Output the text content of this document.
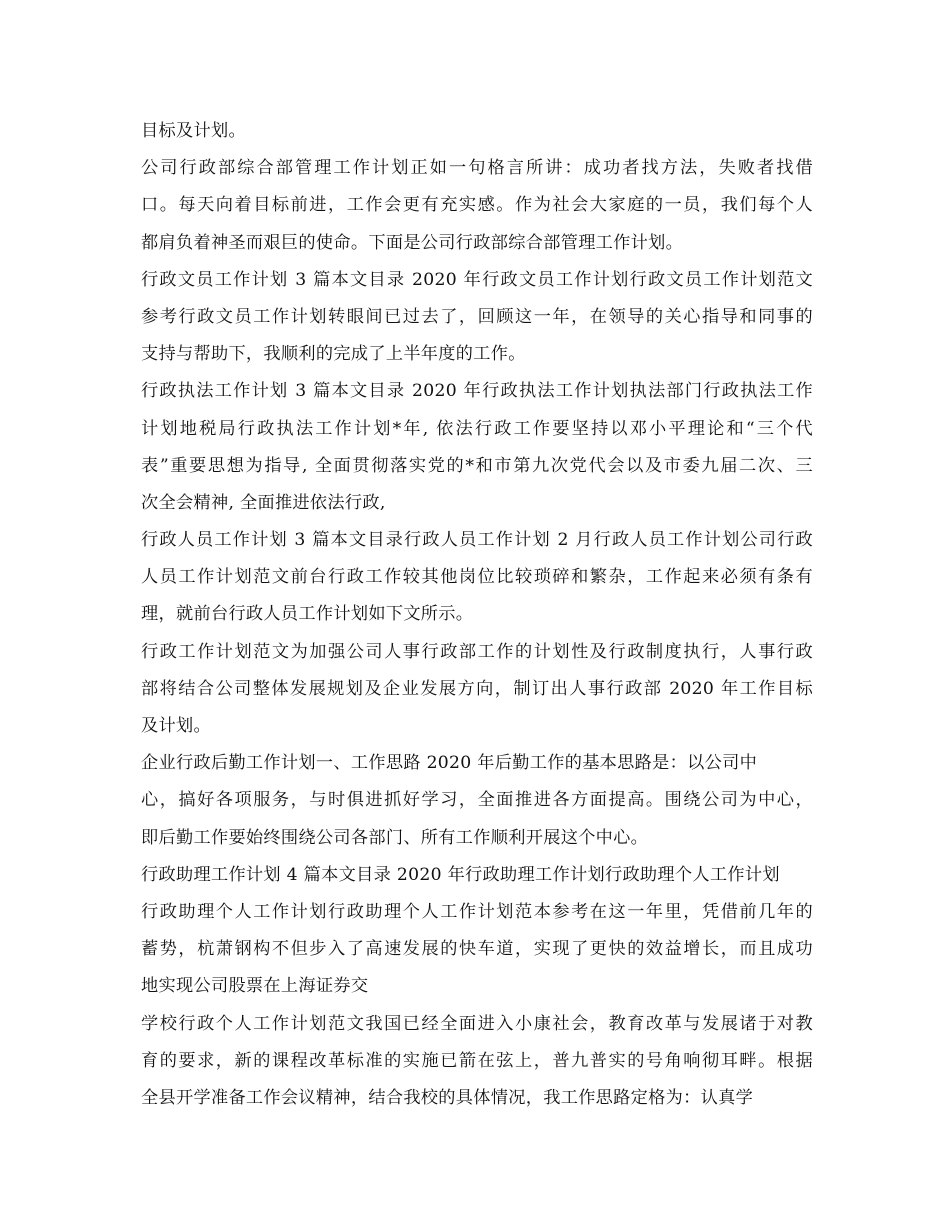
目标及计划。
公司行政部综合部管理工作计划正如一句格言所讲：成功者找方法，失败者找借
口。每天向着目标前进，工作会更有充实感。作为社会大家庭的一员，我们每个人
都肩负着神圣而艰巨的使命。下面是公司行政部综合部管理工作计划。
行政文员工作计划 3 篇本文目录 2020 年行政文员工作计划行政文员工作计划范文
参考行政文员工作计划转眼间已过去了，回顾这一年，在领导的关心指导和同事的
支持与帮助下，我顺利的完成了上半年度的工作。
行政执法工作计划 3 篇本文目录 2020 年行政执法工作计划执法部门行政执法工作
计划地税局行政执法工作计划*年, 依法行政工作要坚持以邓小平理论和“三个代
表”重要思想为指导, 全面贯彻落实党的*和市第九次党代会以及市委九届二次、三
次全会精神, 全面推进依法行政,
行政人员工作计划 3 篇本文目录行政人员工作计划 2 月行政人员工作计划公司行政
人员工作计划范文前台行政工作较其他岗位比较琐碎和繁杂，工作起来必须有条有
理，就前台行政人员工作计划如下文所示。
行政工作计划范文为加强公司人事行政部工作的计划性及行政制度执行，人事行政
部将结合公司整体发展规划及企业发展方向，制订出人事行政部 2020 年工作目标
及计划。
企业行政后勤工作计划一、工作思路 2020 年后勤工作的基本思路是：以公司中
心，搞好各项服务，与时俱进抓好学习，全面推进各方面提高。围绕公司为中心，
即后勤工作要始终围绕公司各部门、所有工作顺利开展这个中心。
行政助理工作计划 4 篇本文目录 2020 年行政助理工作计划行政助理个人工作计划
行政助理个人工作计划行政助理个人工作计划范本参考在这一年里，凭借前几年的
蓄势，杭萧钢构不但步入了高速发展的快车道，实现了更快的效益增长，而且成功
地实现公司股票在上海证券交
学校行政个人工作计划范文我国已经全面进入小康社会，教育改革与发展诸于对教
育的要求，新的课程改革标准的实施已箭在弦上，普九普实的号角响彻耳畔。根据
全县开学准备工作会议精神，结合我校的具体情况，我工作思路定格为：认真学
